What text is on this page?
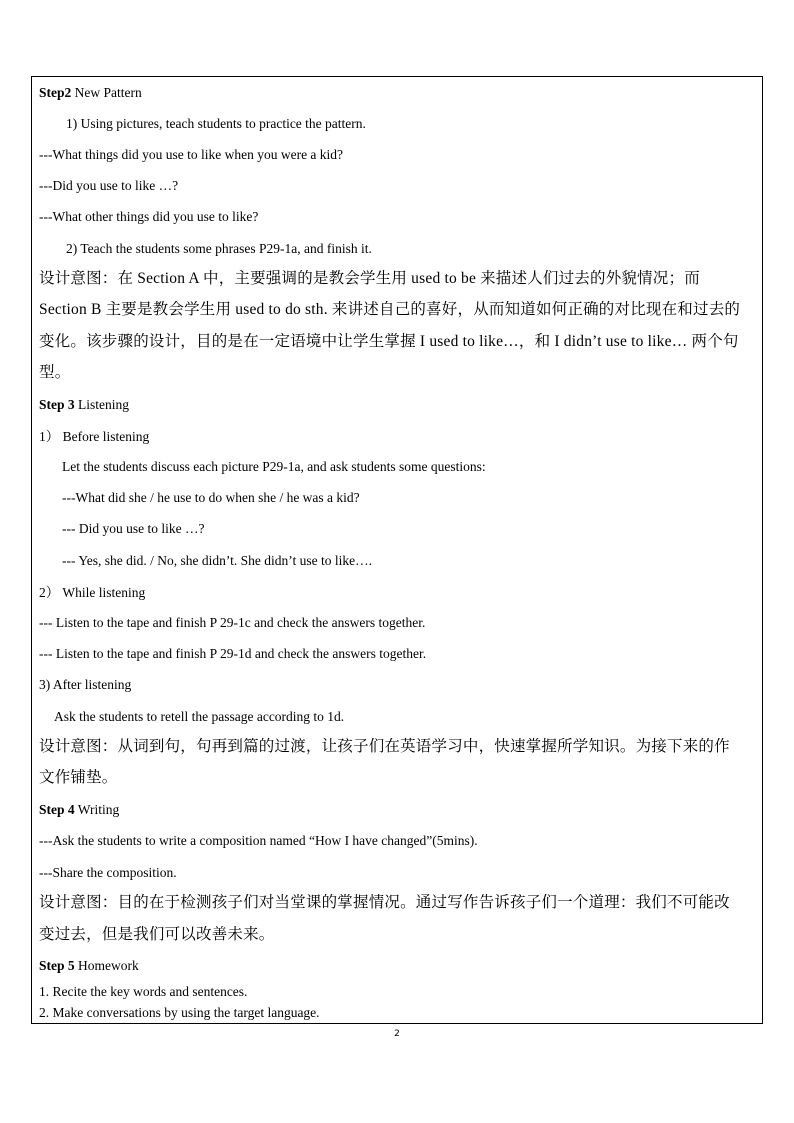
Step2 New Pattern
1) Using pictures, teach students to practice the pattern.
---What things did you use to like when you were a kid?
---Did you use to like …?
---What other things did you use to like?
2) Teach the students some phrases P29-1a, and finish it.
设计意图：在 Section A 中，主要强调的是教会学生用 used to be 来描述人们过去的外貌情况；而
Section B 主要是教会学生用 used to do sth. 来讲述自己的喜好，从而知道如何正确的对比现在和过去的
变化。该步骤的设计，目的是在一定语境中让学生掌握 I used to like…，和 I didn’t use to like… 两个句
型。
Step 3 Listening
1） Before listening
Let the students discuss each picture P29-1a, and ask students some questions:
---What did she / he use to do when she / he was a kid?
--- Did you use to like …?
--- Yes, she did. / No, she didn’t. She didn’t use to like….
2） While listening
--- Listen to the tape and finish P 29-1c and check the answers together.
--- Listen to the tape and finish P 29-1d and check the answers together.
3) After listening
Ask the students to retell the passage according to 1d.
设计意图：从词到句，句再到篇的过渡，让孩子们在英语学习中，快速掌握所学知识。为接下来的作
文作铺垫。
Step 4 Writing
---Ask the students to write a composition named “How I have changed”(5mins).
---Share the composition.
设计意图：目的在于检测孩子们对当堂课的掌握情况。通过写作告诉孩子们一个道理：我们不可能改
变过去，但是我们可以改善未来。
Step 5 Homework
1. Recite the key words and sentences.
2. Make conversations by using the target language.
2
